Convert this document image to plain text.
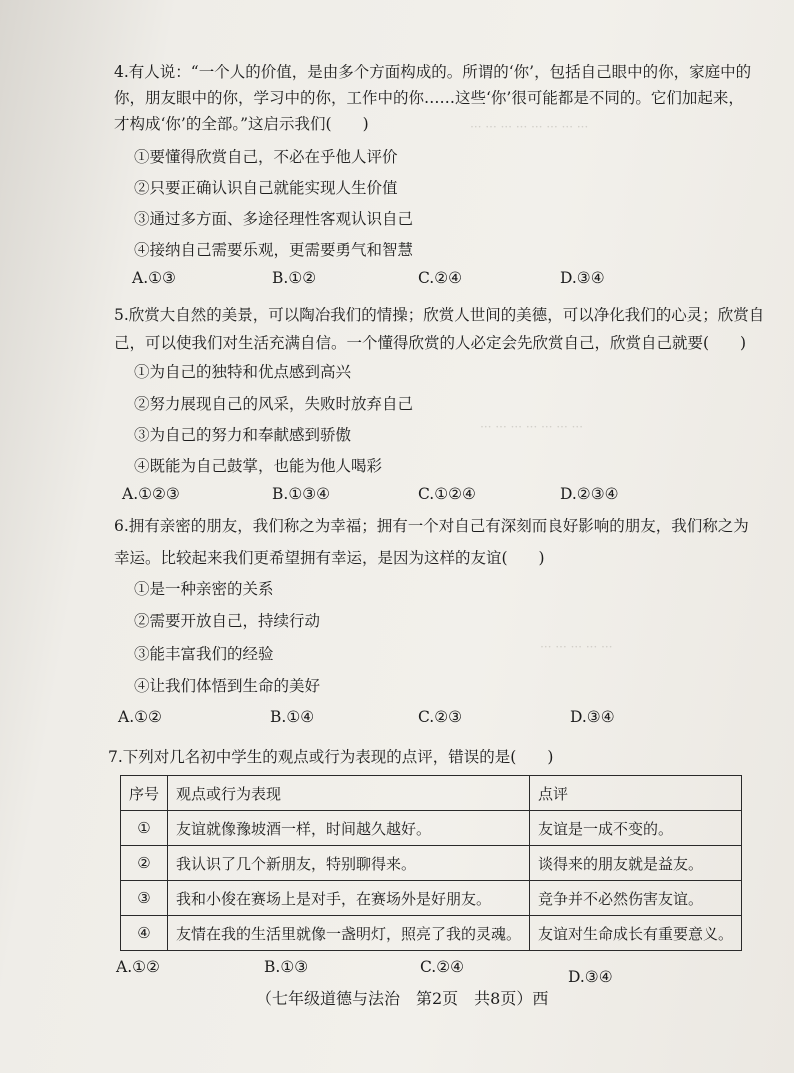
··· ··· ··· ··· ··· ··· ··· ···
··· ··· ··· ··· ··· ··· ···
··· ··· ··· ··· ···
4.有人说：“一个人的价值，是由多个方面构成的。所谓的‘你’，包括自己眼中的你，家庭中的
你，朋友眼中的你，学习中的你，工作中的你……这些‘你’很可能都是不同的。它们加起来，
才构成‘你’的全部。”这启示我们(　　)
①要懂得欣赏自己，不必在乎他人评价
②只要正确认识自己就能实现人生价值
③通过多方面、多途径理性客观认识自己
④接纳自己需要乐观，更需要勇气和智慧
A.①③	B.①②	C.②④	D.③④
5.欣赏大自然的美景，可以陶冶我们的情操；欣赏人世间的美德，可以净化我们的心灵；欣赏自
己，可以使我们对生活充满自信。一个懂得欣赏的人必定会先欣赏自己，欣赏自己就要(　　)
①为自己的独特和优点感到高兴
②努力展现自己的风采，失败时放弃自己
③为自己的努力和奉献感到骄傲
④既能为自己鼓掌，也能为他人喝彩
A.①②③	B.①③④	C.①②④	D.②③④
6.拥有亲密的朋友，我们称之为幸福；拥有一个对自己有深刻而良好影响的朋友，我们称之为
幸运。比较起来我们更希望拥有幸运，是因为这样的友谊(　　)
①是一种亲密的关系
②需要开放自己，持续行动
③能丰富我们的经验
④让我们体悟到生命的美好
A.①②	B.①④	C.②③	D.③④
7.下列对几名初中学生的观点或行为表现的点评，错误的是(　　)
序号	观点或行为表现	点评
①	友谊就像豫坡酒一样，时间越久越好。	友谊是一成不变的。
②	我认识了几个新朋友，特别聊得来。	谈得来的朋友就是益友。
③	我和小俊在赛场上是对手，在赛场外是好朋友。	竞争并不必然伤害友谊。
④	友情在我的生活里就像一盏明灯，照亮了我的灵魂。	友谊对生命成长有重要意义。
A.①②	B.①③	C.②④
D.③④
（七年级道德与法治　第2页　共8页）西
